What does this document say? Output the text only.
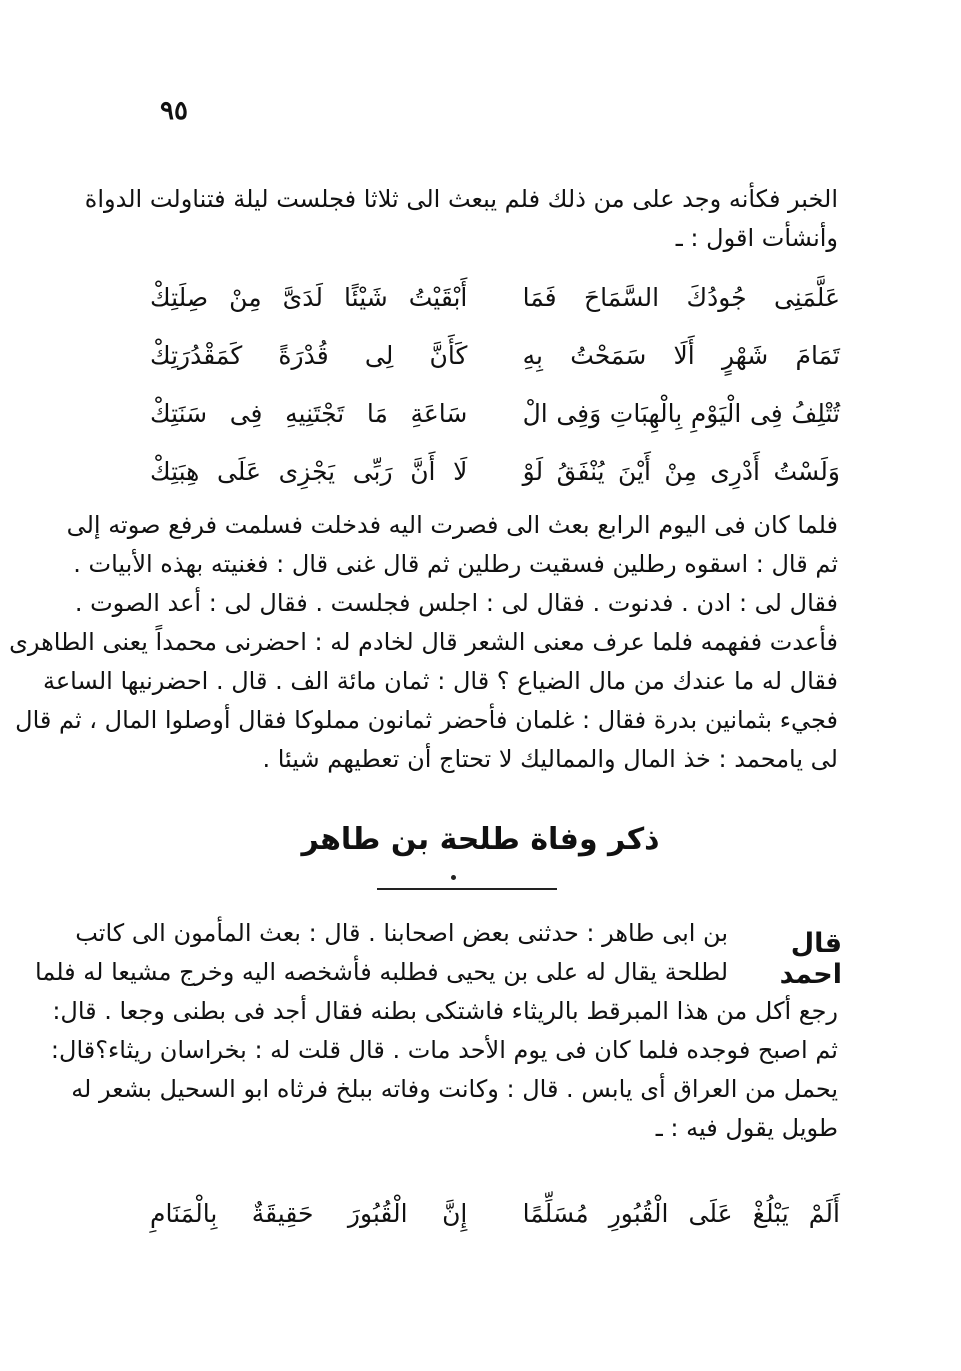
٩٥
الخبر فكأنه وجد على من ذلك فلم يبعث الى ثلاثا فجلست ليلة فتناولت الدواة
وأنشأت اقول : ـ
عَلَّمَنِى جُودُكَ السَّمَاحَ فَمَا
أَبْقَيْتُ شَيْئًا لَدَىَّ مِنْ صِلَتِكْ
تَمَامَ شَهْرٍ أَلَا سَمَحْتُ بِهِ
كَأَنَّ لِى قُدْرَةً كَمَقْدُرَتِكْ
تُتْلِفُ فِى الْيَوْمِ بِالْهِبَاتِ وَفِى الْ
سَاعَةِ مَا تَجْتَنِيهِ فِى سَنَتِكْ
وَلَسْتُ أَدْرِى مِنْ أَيْنَ يُنْفَقُ لَوْ
لَا أَنَّ رَبِّى يَجْزِى عَلَى هِبَتِكْ
فلما كان فى اليوم الرابع بعث الى فصرت اليه فدخلت فسلمت فرفع صوته إلى
ثم قال : اسقوه رطلين فسقيت رطلين ثم قال غنى قال : فغنيته بهذه الأبيات .
فقال لى : ادن . فدنوت . فقال لى : اجلس فجلست . فقال لى : أعد الصوت .
فأعدت ففهمه فلما عرف معنى الشعر قال لخادم له : احضرنى محمداً يعنى الطاهرى
فقال له ما عندك من مال الضياع ؟ قال : ثمان مائة الف . قال . احضرنيها الساعة
فجيء بثمانين بدرة فقال : غلمان فأحضر ثمانون مملوكا فقال أوصلوا المال ، ثم قال
لى يامحمد : خذ المال والمماليك لا تحتاج أن تعطيهم شيئا .
ذكر وفاة طلحة بن طاهر
قال احمد
بن ابى طاهر : حدثنى بعض اصحابنا . قال : بعث المأمون الى كاتب
لطلحة يقال له على بن يحيى فطلبه فأشخصه اليه وخرج مشيعا له فلما
رجع أكل من هذا المبرقط بالريثاء فاشتكى بطنه فقال أجد فى بطنى وجعا . قال:
ثم اصبح فوجده فلما كان فى يوم الأحد مات . قال قلت له : بخراسان ريثاء؟قال:
يحمل من العراق أى يابس . قال : وكانت وفاته ببلخ فرثاه ابو السحيل بشعر له
طويل يقول فيه : ـ
أَلَمْ يَبْلُغْ عَلَى الْقُبُورِ مُسَلِّمًا
إِنَّ الْقُبُورَ حَقِيقَةٌ بِالْمَنَامِ
